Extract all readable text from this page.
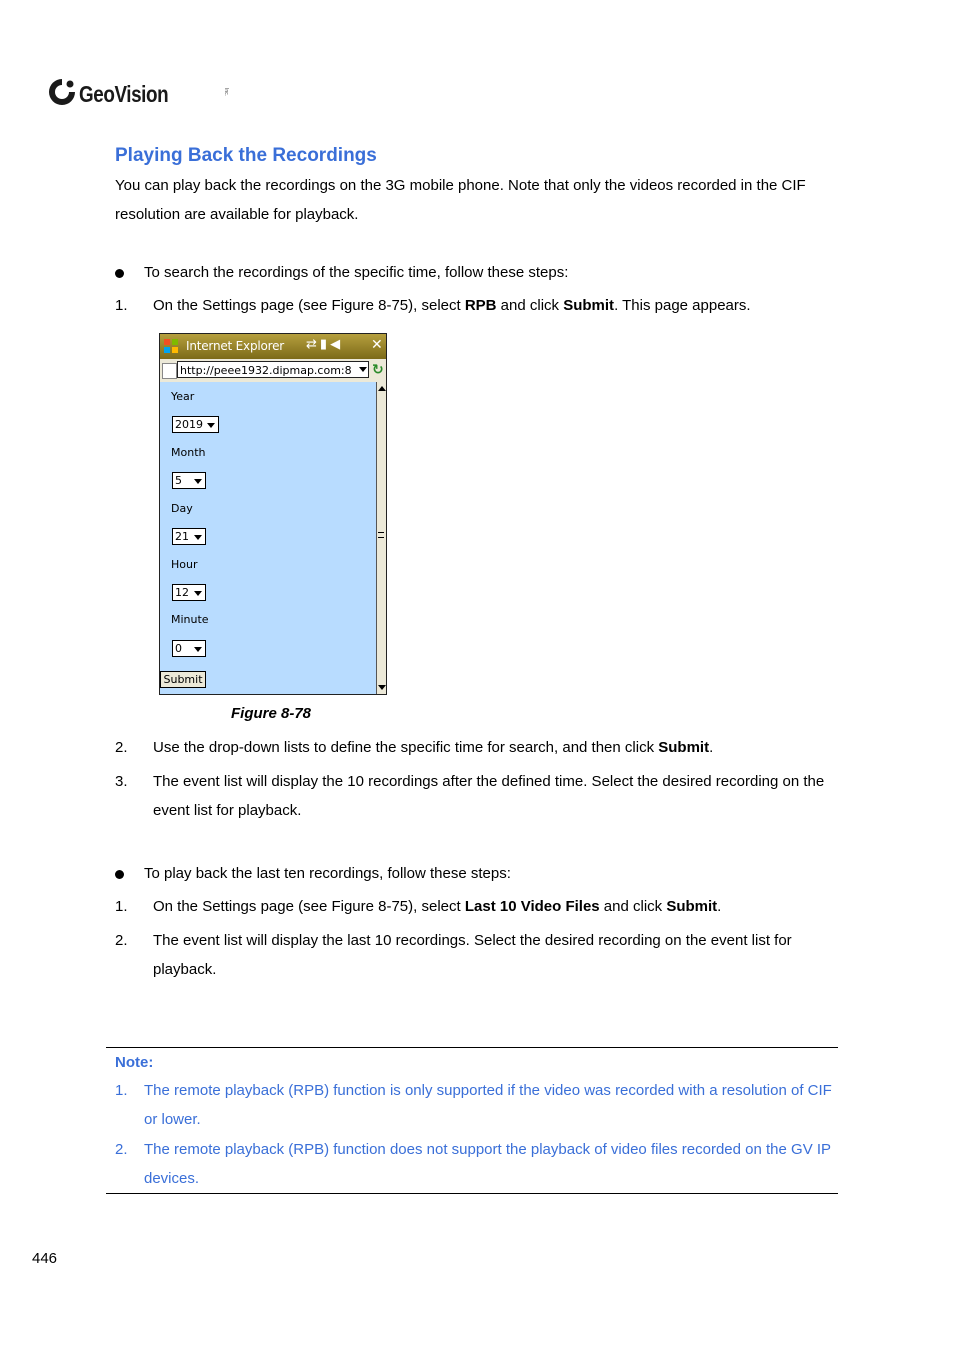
GeoVision	Inc.
Playing Back the Recordings

You can play back the recordings on the 3G mobile phone. Note that only the videos recorded in the CIF resolution are available for playback.

To search the recordings of the specific time, follow these steps:
1. On the Settings page (see Figure 8-75), select RPB and click Submit. This page appears.
Internet Explorer ⇄▮◀ ✕
http://peee1932.dipmap.com:8	↻
Year
2019
Month
5
Day
21
Hour
12
Minute
0
Submit
Figure 8-78
2. Use the drop-down lists to define the specific time for search, and then click Submit.
3. The event list will display the 10 recordings after the defined time. Select the desired recording on the event list for playback.
To play back the last ten recordings, follow these steps:
1. On the Settings page (see Figure 8-75), select Last 10 Video Files and click Submit.
2. The event list will display the last 10 recordings. Select the desired recording on the event list for playback.
Note:
1. The remote playback (RPB) function is only supported if the video was recorded with a resolution of CIF or lower.
2. The remote playback (RPB) function does not support the playback of video files recorded on the GV IP devices.
446
